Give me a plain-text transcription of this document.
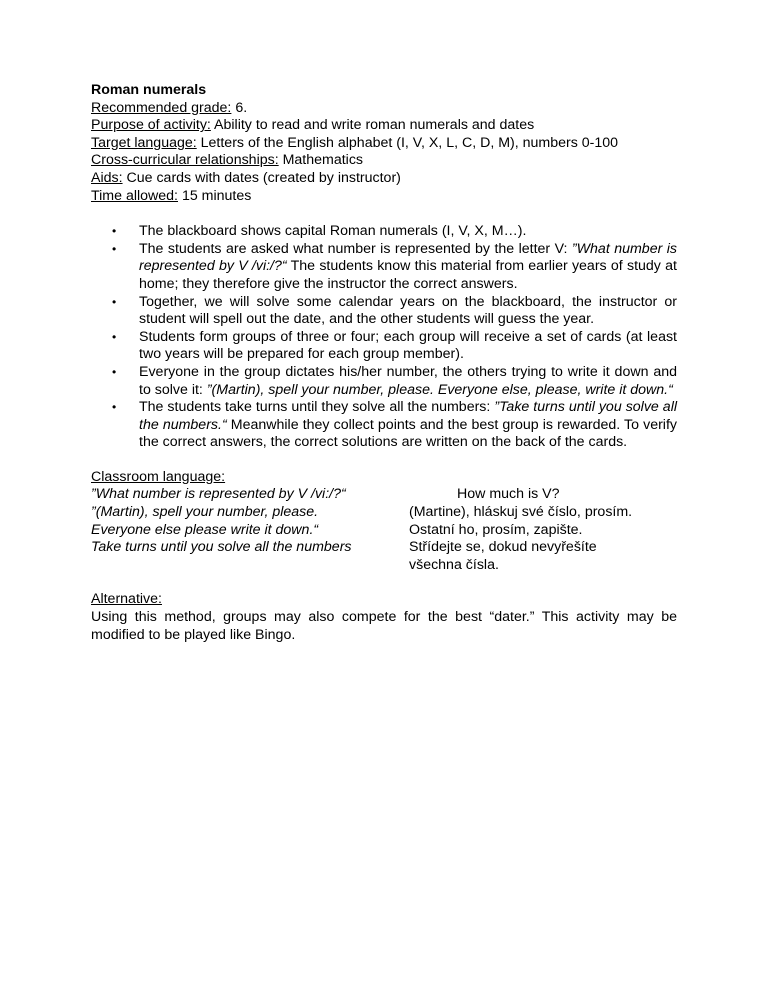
Roman numerals

Recommended grade: 6.

Purpose of activity: Ability to read and write roman numerals and dates

Target language: Letters of the English alphabet (I, V, X, L, C, D, M), numbers 0-100

Cross-curricular relationships: Mathematics

Aids: Cue cards with dates (created by instructor)

Time allowed: 15 minutes

• The blackboard shows capital Roman numerals (I, V, X, M…).
• The students are asked what number is represented by the letter V: ”What number is represented by V /vi:/?“ The students know this material from earlier years of study at home; they therefore give the instructor the correct answers.
• Together, we will solve some calendar years on the blackboard, the instructor or student will spell out the date, and the other students will guess the year.
• Students form groups of three or four; each group will receive a set of cards (at least two years will be prepared for each group member).
• Everyone in the group dictates his/her number, the others trying to write it down and to solve it: ”(Martin), spell your number, please. Everyone else, please, write it down.“
• The students take turns until they solve all the numbers: ”Take turns until you solve all the numbers.“ Meanwhile they collect points and the best group is rewarded. To verify the correct answers, the correct solutions are written on the back of the cards.
Classroom language:
”What number is represented by V /vi:/?“
”(Martin), spell your number, please.
Everyone else please write it down.“
Take turns until you solve all the numbers
How much is V?
(Martine), hláskuj své číslo, prosím.
Ostatní ho, prosím, zapište.
Střídejte se, dokud nevyřešíte
všechna čísla.
Alternative:
Using this method, groups may also compete for the best “dater.” This activity may be modified to be played like Bingo.
